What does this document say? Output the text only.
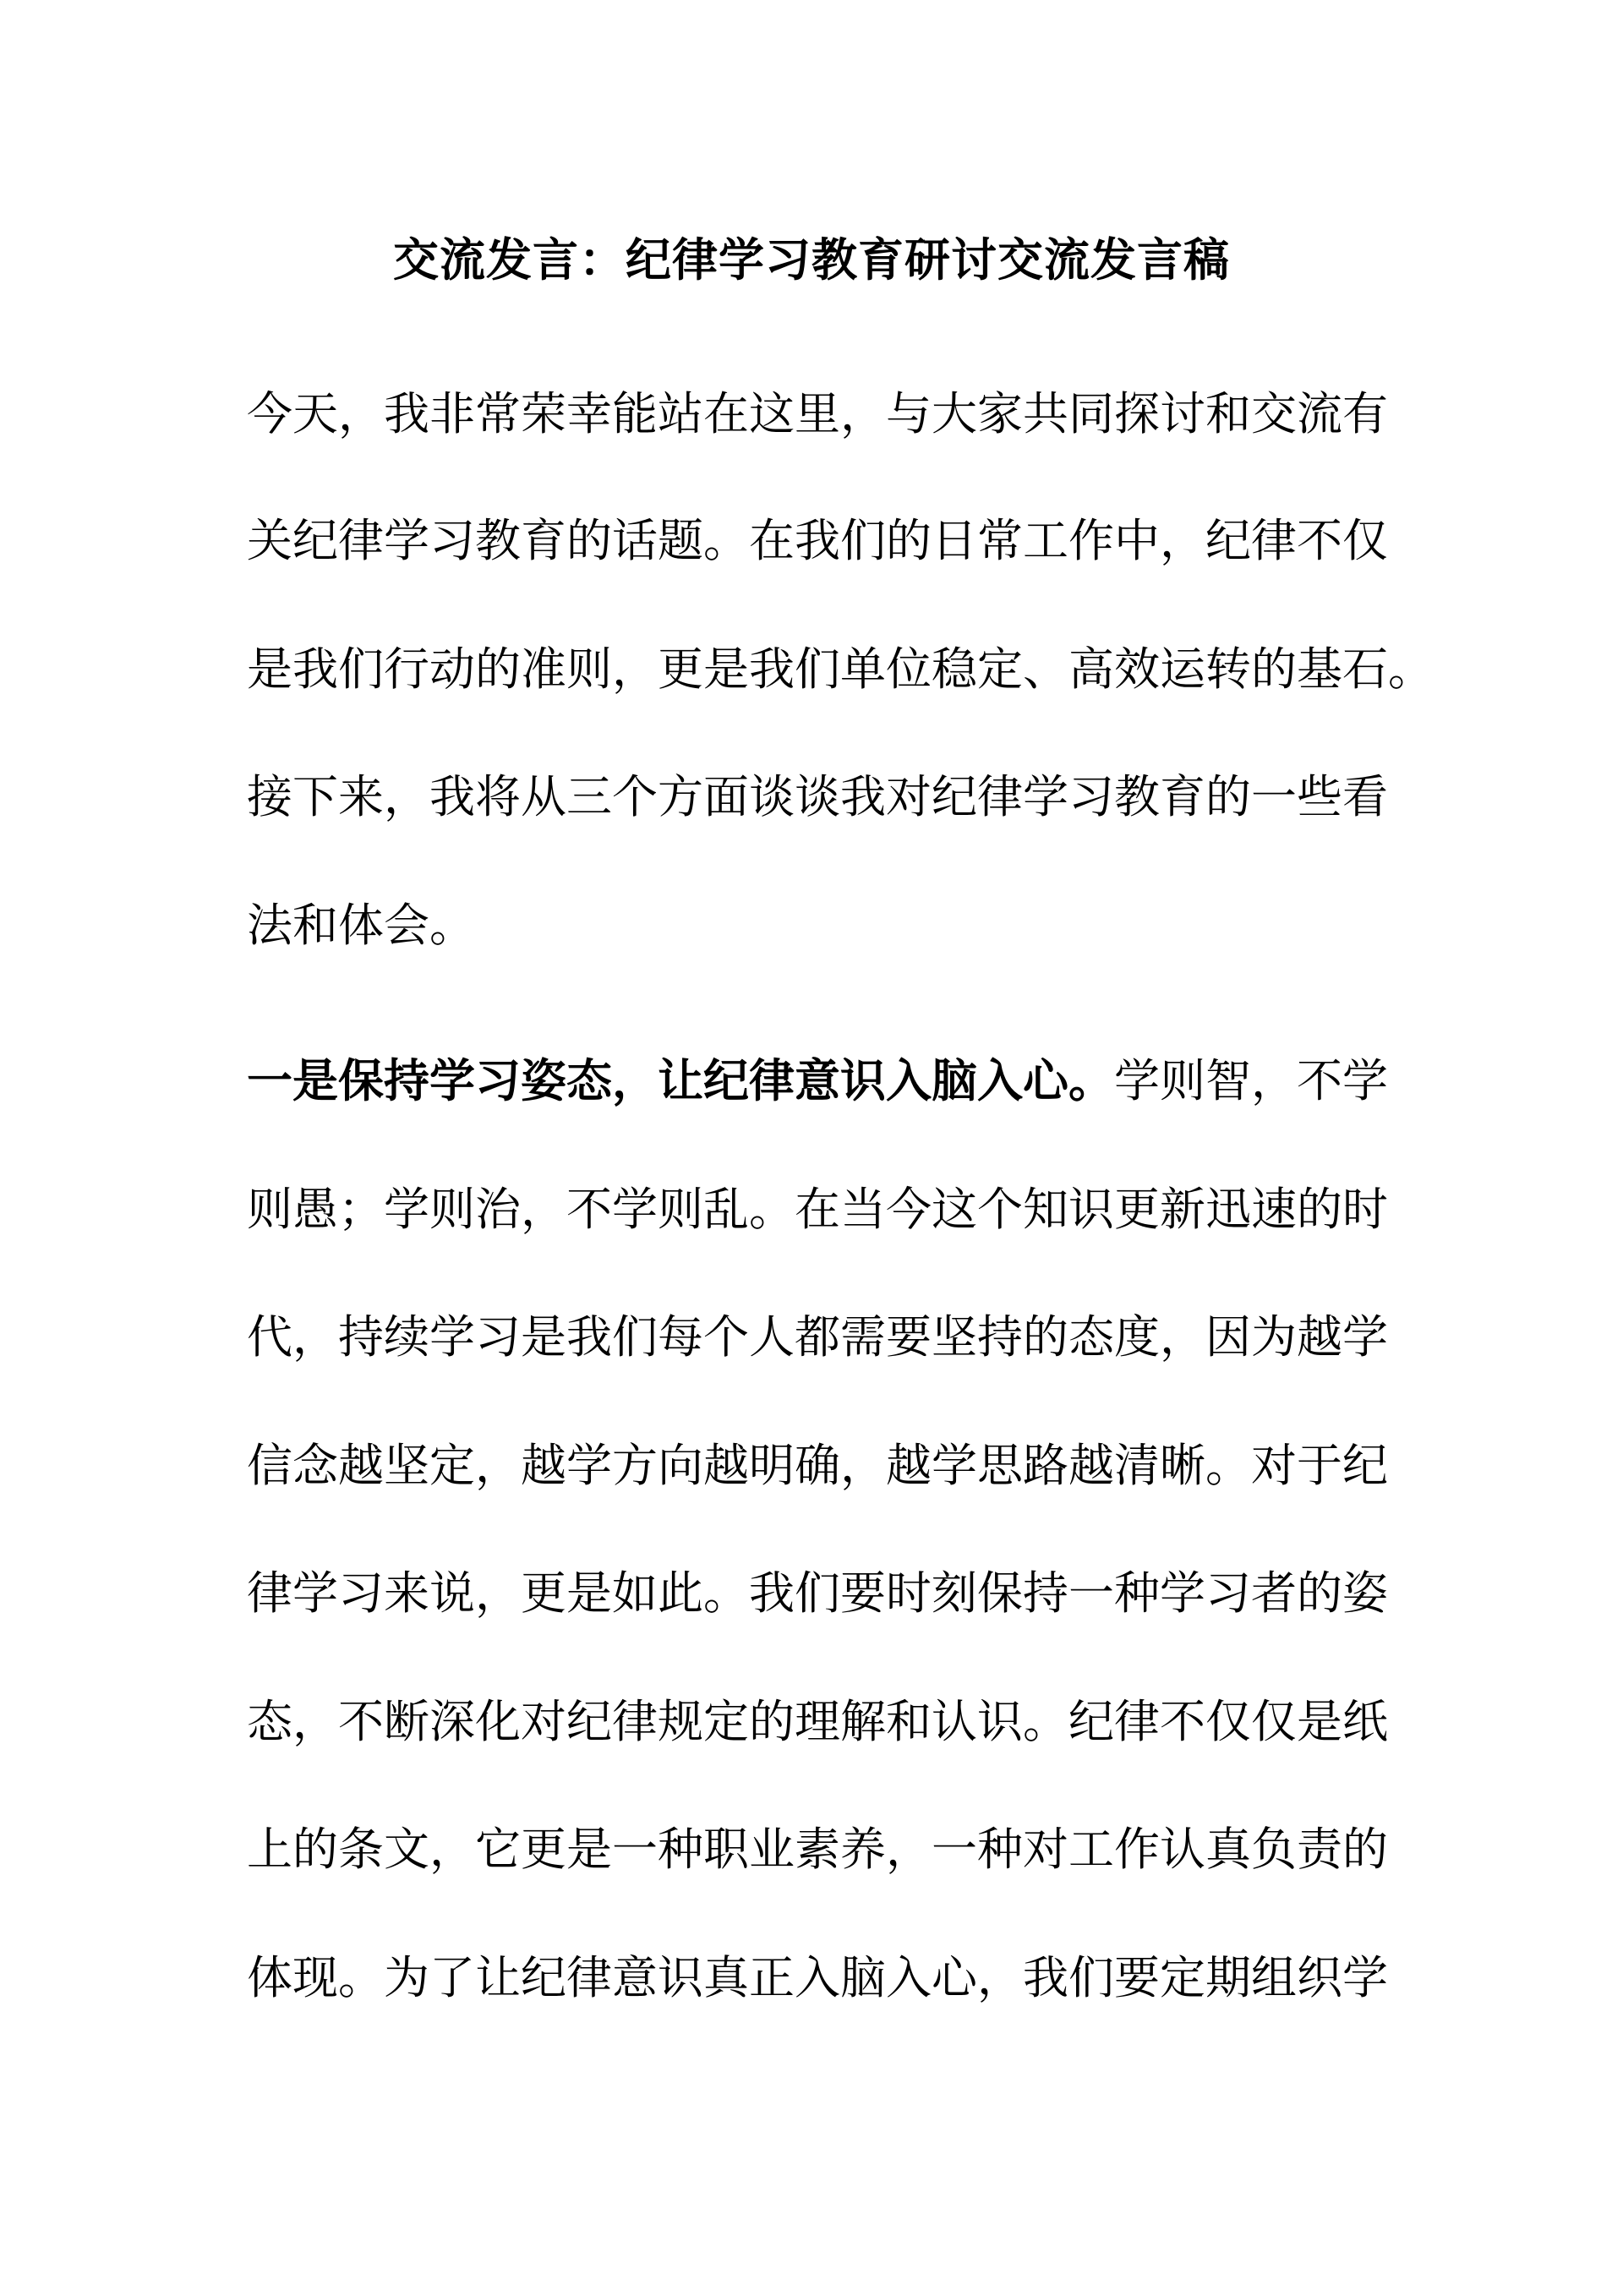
交流发言：纪律学习教育研讨交流发言稿
今天，我非常荣幸能站在这里，与大家共同探讨和交流有
关纪律学习教育的话题。在我们的日常工作中，纪律不仅
是我们行动的准则，更是我们单位稳定、高效运转的基石。
接下来，我将从三个方面谈谈我对纪律学习教育的一些看
法和体会。
一是保持学习姿态，让纪律意识入脑入心。学则智，不学
则愚；学则治，不学则乱。在当今这个知识更新迅速的时
代，持续学习是我们每个人都需要坚持的态度，因为越学
信念越坚定，越学方向越明确，越学思路越清晰。对于纪
律学习来说，更是如此。我们要时刻保持一种学习者的姿
态，不断深化对纪律规定的理解和认识。纪律不仅仅是纸
上的条文，它更是一种职业素养，一种对工作认真负责的
体现。为了让纪律意识真正入脑入心，我们要定期组织学
